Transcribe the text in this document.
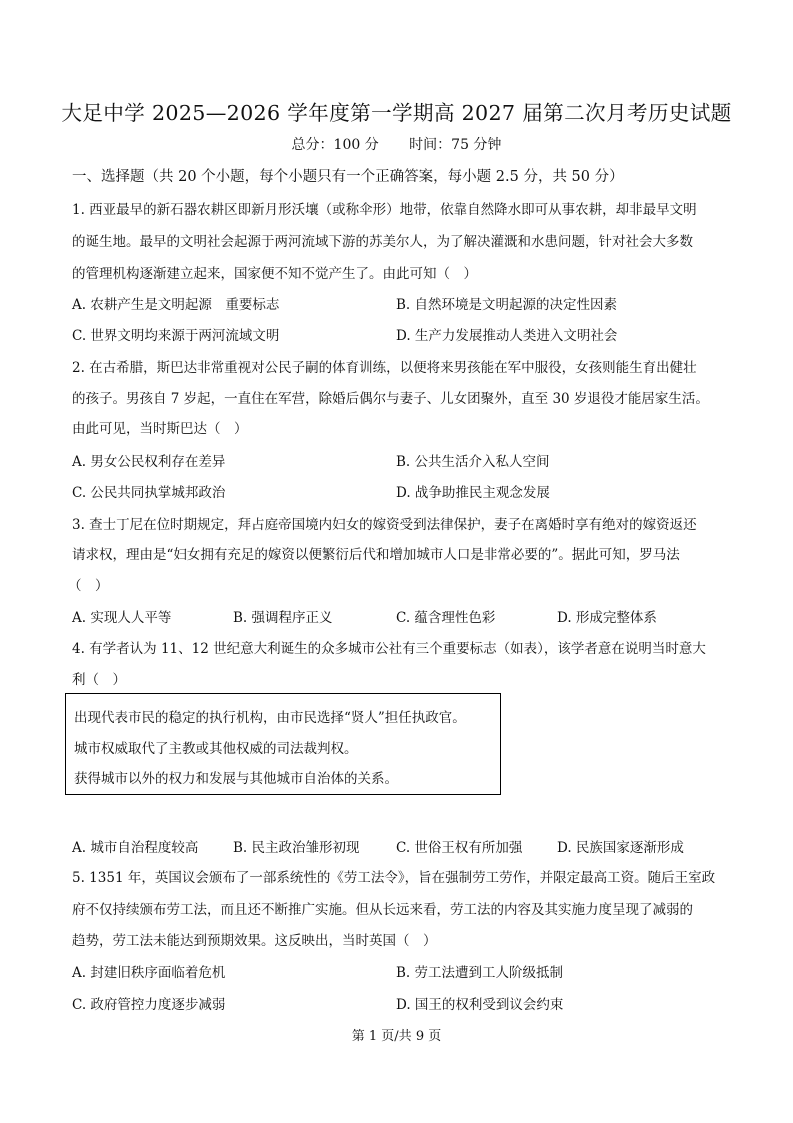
大足中学 2025—2026 学年度第一学期高 2027 届第二次月考历史试题
总分：100 分 时间：75 分钟
一、选择题（共 20 个小题，每个小题只有一个正确答案，每小题 2.5 分，共 50 分）
1. 西亚最早的新石器农耕区即新月形沃壤（或称伞形）地带，依靠自然降水即可从事农耕，却非最早文明
的诞生地。最早的文明社会起源于两河流域下游的苏美尔人，为了解决灌溉和水患问题，针对社会大多数
的管理机构逐渐建立起来，国家便不知不觉产生了。由此可知（　）
A. 农耕产生是文明起源　重要标志	B. 自然环境是文明起源的决定性因素
C. 世界文明均来源于两河流域文明	D. 生产力发展推动人类进入文明社会
2. 在古希腊，斯巴达非常重视对公民子嗣的体育训练，以便将来男孩能在军中服役，女孩则能生育出健壮
的孩子。男孩自 7 岁起，一直住在军营，除婚后偶尔与妻子、儿女团聚外，直至 30 岁退役才能居家生活。
由此可见，当时斯巴达（　）
A. 男女公民权利存在差异	B. 公共生活介入私人空间
C. 公民共同执掌城邦政治	D. 战争助推民主观念发展
3. 查士丁尼在位时期规定，拜占庭帝国境内妇女的嫁资受到法律保护，妻子在离婚时享有绝对的嫁资返还
请求权，理由是“妇女拥有充足的嫁资以便繁衍后代和增加城市人口是非常必要的”。据此可知，罗马法
（　）
A. 实现人人平等	B. 强调程序正义	C. 蕴含理性色彩	D. 形成完整体系
4. 有学者认为 11、12 世纪意大利诞生的众多城市公社有三个重要标志（如表），该学者意在说明当时意大
利（　）
出现代表市民的稳定的执行机构，由市民选择“贤人”担任执政官。
城市权威取代了主教或其他权威的司法裁判权。
获得城市以外的权力和发展与其他城市自治体的关系。
A. 城市自治程度较高	B. 民主政治雏形初现	C. 世俗王权有所加强	D. 民族国家逐渐形成
5. 1351 年，英国议会颁布了一部系统性的《劳工法令》，旨在强制劳工劳作，并限定最高工资。随后王室政
府不仅持续颁布劳工法，而且还不断推广实施。但从长远来看，劳工法的内容及其实施力度呈现了减弱的
趋势，劳工法未能达到预期效果。这反映出，当时英国（　）
A. 封建旧秩序面临着危机	B. 劳工法遭到工人阶级抵制
C. 政府管控力度逐步减弱	D. 国王的权利受到议会约束
第 1 页/共 9 页
